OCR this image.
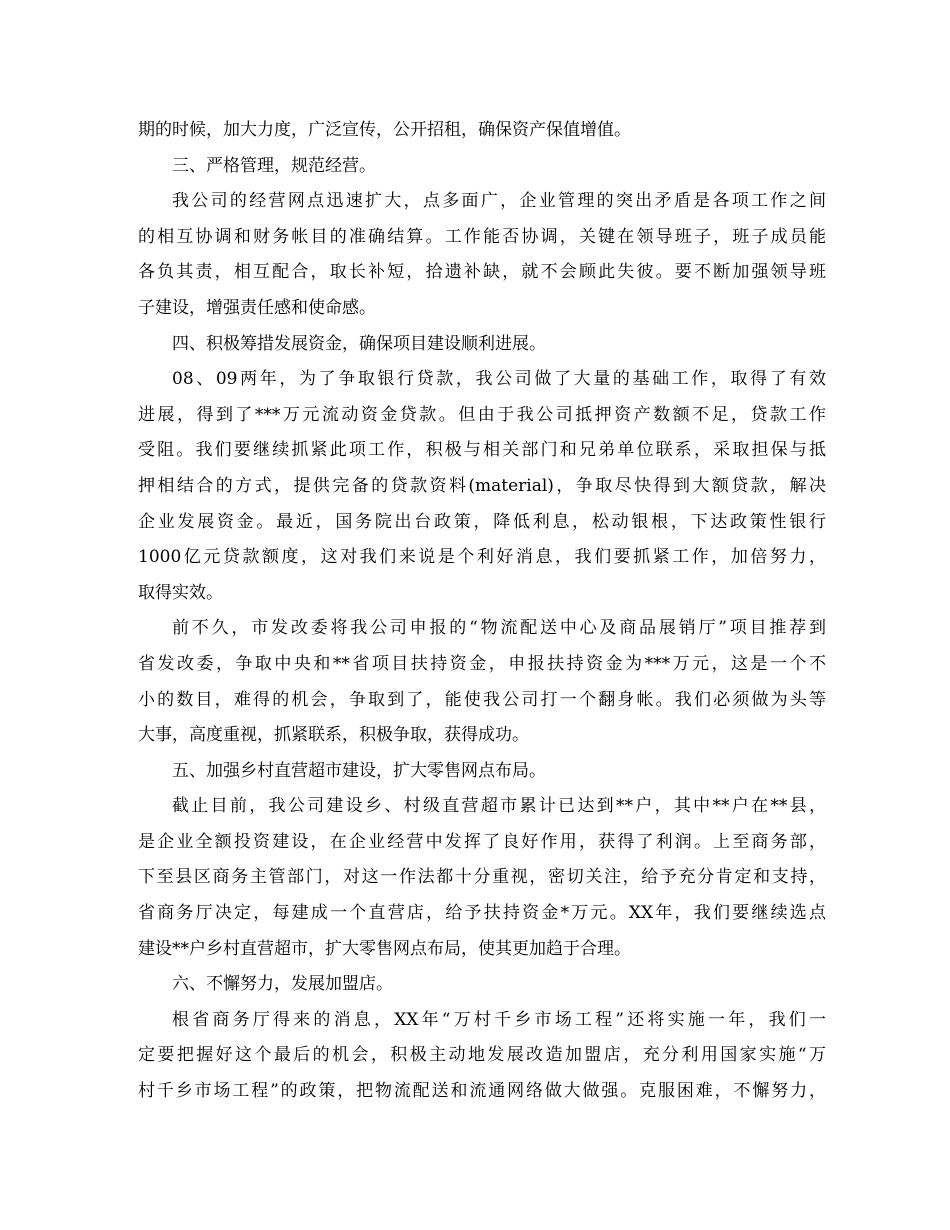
期的时候，加大力度，广泛宣传，公开招租，确保资产保值增值。
三、严格管理，规范经营。
我公司的经营网点迅速扩大，点多面广，企业管理的突出矛盾是各项工作之间
的相互协调和财务帐目的准确结算。工作能否协调，关键在领导班子，班子成员能
各负其责，相互配合，取长补短，拾遗补缺，就不会顾此失彼。要不断加强领导班
子建设，增强责任感和使命感。
四、积极筹措发展资金，确保项目建设顺利进展。
08、09两年，为了争取银行贷款，我公司做了大量的基础工作，取得了有效
进展，得到了***万元流动资金贷款。但由于我公司抵押资产数额不足，贷款工作
受阻。我们要继续抓紧此项工作，积极与相关部门和兄弟单位联系，采取担保与抵
押相结合的方式，提供完备的贷款资料(material)，争取尽快得到大额贷款，解决
企业发展资金。最近，国务院出台政策，降低利息，松动银根，下达政策性银行
1000亿元贷款额度，这对我们来说是个利好消息，我们要抓紧工作，加倍努力，
取得实效。
前不久，市发改委将我公司申报的“物流配送中心及商品展销厅”项目推荐到
省发改委，争取中央和**省项目扶持资金，申报扶持资金为***万元，这是一个不
小的数目，难得的机会，争取到了，能使我公司打一个翻身帐。我们必须做为头等
大事，高度重视，抓紧联系，积极争取，获得成功。
五、加强乡村直营超市建设，扩大零售网点布局。
截止目前，我公司建设乡、村级直营超市累计已达到**户，其中**户在**县，
是企业全额投资建设，在企业经营中发挥了良好作用，获得了利润。上至商务部，
下至县区商务主管部门，对这一作法都十分重视，密切关注，给予充分肯定和支持，
省商务厅决定，每建成一个直营店，给予扶持资金*万元。XX年，我们要继续选点
建设**户乡村直营超市，扩大零售网点布局，使其更加趋于合理。
六、不懈努力，发展加盟店。
根省商务厅得来的消息，XX年“万村千乡市场工程”还将实施一年，我们一
定要把握好这个最后的机会，积极主动地发展改造加盟店，充分利用国家实施“万
村千乡市场工程”的政策，把物流配送和流通网络做大做强。克服困难，不懈努力，
